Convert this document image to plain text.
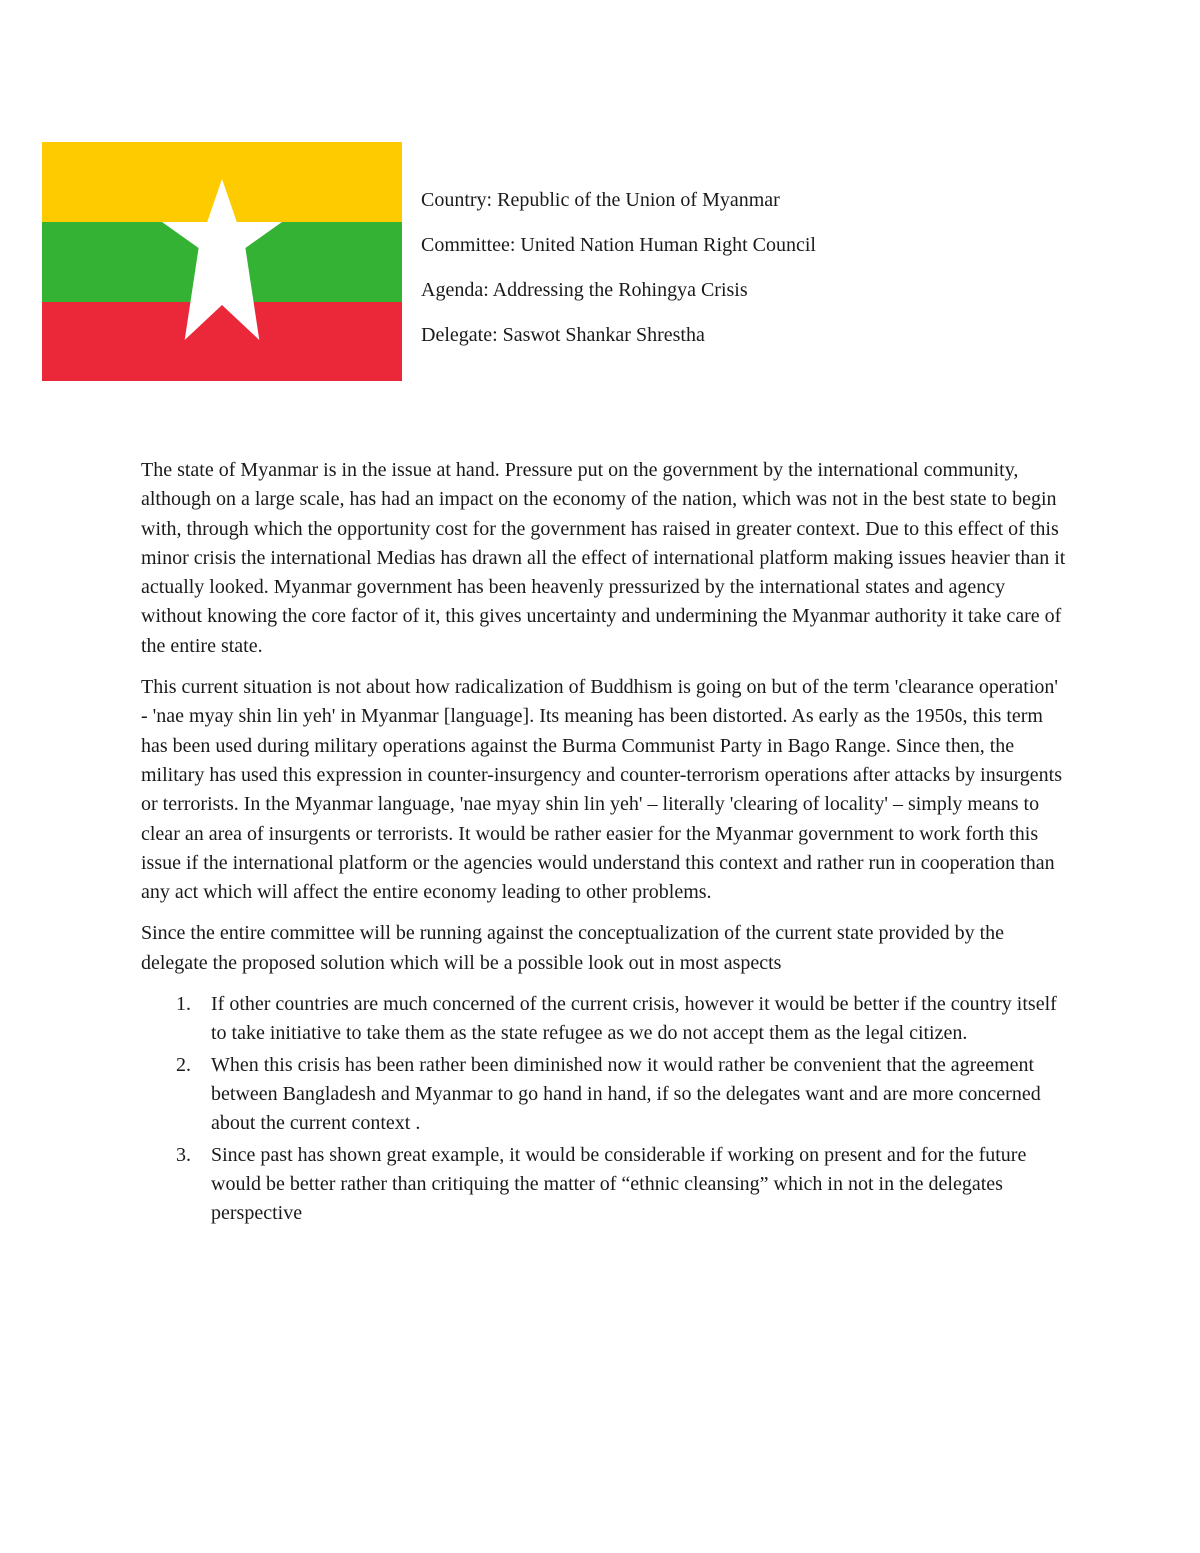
Country: Republic of the Union of Myanmar

Committee: United Nation Human Right Council

Agenda: Addressing the Rohingya Crisis

Delegate: Saswot Shankar Shrestha

The state of Myanmar is in the issue at hand. Pressure put on the government by the international community, although on a large scale, has had an impact on the economy of the nation, which was not in the best state to begin with, through which the opportunity cost for the government has raised in greater context. Due to this effect of this minor crisis the international Medias has drawn all the effect of international platform making issues heavier than it actually looked. Myanmar government has been heavenly pressurized by the international states and agency without knowing the core factor of it, this gives uncertainty and undermining the Myanmar authority it take care of the entire state.

This current situation is not about how radicalization of Buddhism is going on but of the term 'clearance operation' - 'nae myay shin lin yeh' in Myanmar [language]. Its meaning has been distorted. As early as the 1950s, this term has been used during military operations against the Burma Communist Party in Bago Range. Since then, the military has used this expression in counter-insurgency and counter-terrorism operations after attacks by insurgents or terrorists. In the Myanmar language, 'nae myay shin lin yeh' – literally 'clearing of locality' – simply means to clear an area of insurgents or terrorists. It would be rather easier for the Myanmar government to work forth this issue if the international platform or the agencies would understand this context and rather run in cooperation than any act which will affect the entire economy leading to other problems.

Since the entire committee will be running against the conceptualization of the current state provided by the delegate the proposed solution which will be a possible look out in most aspects

1. If other countries are much concerned of the current crisis, however it would be better if the country itself to take initiative to take them as the state refugee as we do not accept them as the legal citizen.
2. When this crisis has been rather been diminished now it would rather be convenient that the agreement between Bangladesh and Myanmar to go hand in hand, if so the delegates want and are more concerned about the current context .
3. Since past has shown great example, it would be considerable if working on present and for the future would be better rather than critiquing the matter of “ethnic cleansing” which in not in the delegates perspective
